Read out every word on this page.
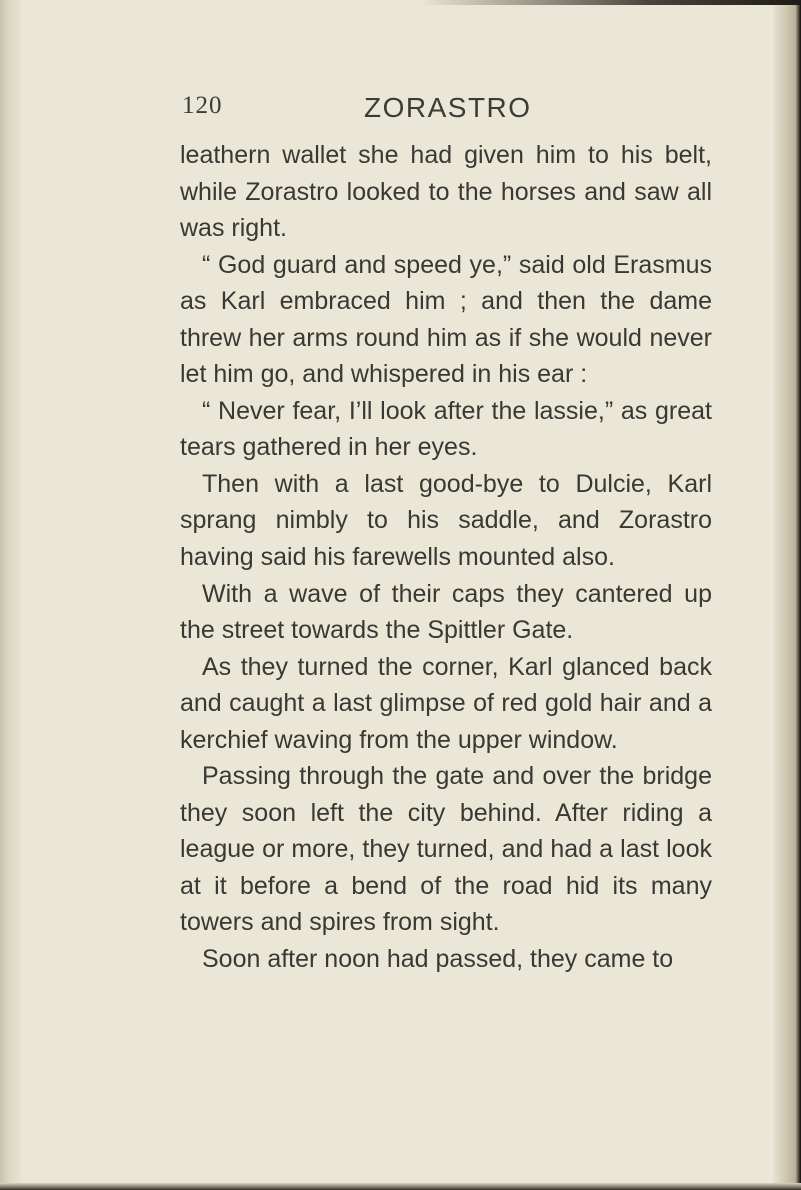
120	ZORASTRO

leathern wallet she had given him to his belt, while Zorastro looked to the horses and saw all was right.

“ God guard and speed ye,” said old Erasmus as Karl embraced him ; and then the dame threw her arms round him as if she would never let him go, and whispered in his ear :

“ Never fear, I’ll look after the lassie,” as great tears gathered in her eyes.

Then with a last good-bye to Dulcie, Karl sprang nimbly to his saddle, and Zorastro having said his farewells mounted also.

With a wave of their caps they cantered up the street towards the Spittler Gate.

As they turned the corner, Karl glanced back and caught a last glimpse of red gold hair and a kerchief waving from the upper window.

Passing through the gate and over the bridge they soon left the city behind. After riding a league or more, they turned, and had a last look at it before a bend of the road hid its many towers and spires from sight.

Soon after noon had passed, they came to
